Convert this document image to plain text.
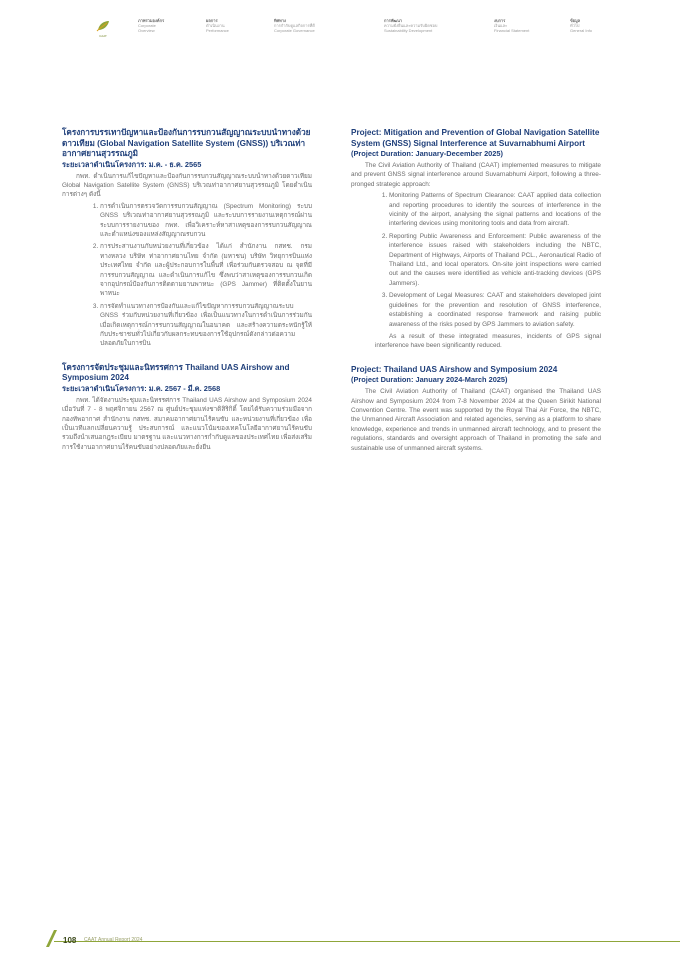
CAAT
ภาพรวมองค์กร
Corporate
Overview
ผลการ
ดำเนินงาน
Performance
ทิศทาง
การกำกับดูแลกิจการที่ดี
Corporate Governance
การพัฒนา
ความยั่งยืนและความรับผิดชอบ
Sustainability Development
งบการ
เงินและ
Financial Statement
ข้อมูล
ทั่วไป
General Info

โครงการบรรเทาปัญหาและป้องกันการรบกวนสัญญาณระบบนำทางด้วยดาวเทียม (Global Navigation Satellite System (GNSS)) บริเวณท่าอากาศยานสุวรรณภูมิ

ระยะเวลาดำเนินโครงการ: ม.ค. - ธ.ค. 2565

กพท. ดำเนินการแก้ไขปัญหาและป้องกันการรบกวนสัญญาณระบบนำทางด้วยดาวเทียม Global Navigation Satellite System (GNSS) บริเวณท่าอากาศยานสุวรรณภูมิ โดยดำเนินการต่างๆ ดังนี้

1. การดำเนินการตรวจวัดการรบกวนสัญญาณ (Spectrum Monitoring) ระบบ GNSS บริเวณท่าอากาศยานสุวรรณภูมิ และระบบการรายงานเหตุการณ์ผ่านระบบการรายงานของ กพท. เพื่อวิเคราะห์หาสาเหตุของการรบกวนสัญญาณและตำแหน่งของแหล่งสัญญาณรบกวน
2. การประสานงานกับหน่วยงานที่เกี่ยวข้อง ได้แก่ สำนักงาน กสทช. กรมทางหลวง บริษัท ท่าอากาศยานไทย จำกัด (มหาชน) บริษัท วิทยุการบินแห่งประเทศไทย จำกัด และผู้ประกอบการในพื้นที่ เพื่อร่วมกันตรวจสอบ ณ จุดที่มีการรบกวนสัญญาณ และดำเนินการแก้ไข ซึ่งพบว่าสาเหตุของการรบกวนเกิดจากอุปกรณ์ป้องกันการติดตามยานพาหนะ (GPS Jammer) ที่ติดตั้งในยานพาหนะ
3. การจัดทำแนวทางการป้องกันและแก้ไขปัญหาการรบกวนสัญญาณระบบ GNSS ร่วมกับหน่วยงานที่เกี่ยวข้อง เพื่อเป็นแนวทางในการดำเนินการร่วมกันเมื่อเกิดเหตุการณ์การรบกวนสัญญาณในอนาคต และสร้างความตระหนักรู้ให้กับประชาชนทั่วไปเกี่ยวกับผลกระทบของการใช้อุปกรณ์ดังกล่าวต่อความปลอดภัยในการบิน

โครงการจัดประชุมและนิทรรศการ Thailand UAS Airshow and Symposium 2024

ระยะเวลาดำเนินโครงการ: ม.ค. 2567 - มี.ค. 2568

กพท. ได้จัดงานประชุมและนิทรรศการ Thailand UAS Airshow and Symposium 2024 เมื่อวันที่ 7 - 8 พฤศจิกายน 2567 ณ ศูนย์ประชุมแห่งชาติสิริกิติ์ โดยได้รับความร่วมมือจากกองทัพอากาศ สำนักงาน กสทช. สมาคมอากาศยานไร้คนขับ และหน่วยงานที่เกี่ยวข้อง เพื่อเป็นเวทีแลกเปลี่ยนความรู้ ประสบการณ์ และแนวโน้มของเทคโนโลยีอากาศยานไร้คนขับ รวมถึงนำเสนอกฎระเบียบ มาตรฐาน และแนวทางการกำกับดูแลของประเทศไทย เพื่อส่งเสริมการใช้งานอากาศยานไร้คนขับอย่างปลอดภัยและยั่งยืน

Project: Mitigation and Prevention of Global Navigation Satellite System (GNSS) Signal Interference at Suvarnabhumi Airport

(Project Duration: January-December 2025)

The Civil Aviation Authority of Thailand (CAAT) implemented measures to mitigate and prevent GNSS signal interference around Suvarnabhumi Airport, following a three-pronged strategic approach:

1. Monitoring Patterns of Spectrum Clearance: CAAT applied data collection and reporting procedures to identify the sources of interference in the vicinity of the airport, analysing the signal patterns and locations of the interfering devices using monitoring tools and data from aircraft.
2. Reporting Public Awareness and Enforcement: Public awareness of the interference issues raised with stakeholders including the NBTC, Department of Highways, Airports of Thailand PCL., Aeronautical Radio of Thailand Ltd., and local operators. On-site joint inspections were carried out and the causes were identified as vehicle anti-tracking devices (GPS Jammers).
3. Development of Legal Measures: CAAT and stakeholders developed joint guidelines for the prevention and resolution of GNSS interference, establishing a coordinated response framework and raising public awareness of the risks posed by GPS Jammers to aviation safety.

As a result of these integrated measures, incidents of GPS signal interference have been significantly reduced.

Project: Thailand UAS Airshow and Symposium 2024

(Project Duration: January 2024-March 2025)

The Civil Aviation Authority of Thailand (CAAT) organised the Thailand UAS Airshow and Symposium 2024 from 7-8 November 2024 at the Queen Sirikit National Convention Centre. The event was supported by the Royal Thai Air Force, the NBTC, the Unmanned Aircraft Association and related agencies, serving as a platform to share knowledge, experience and trends in unmanned aircraft technology, and to present the regulations, standards and oversight approach of Thailand in promoting the safe and sustainable use of unmanned aircraft systems.

108 CAAT Annual Report 2024
